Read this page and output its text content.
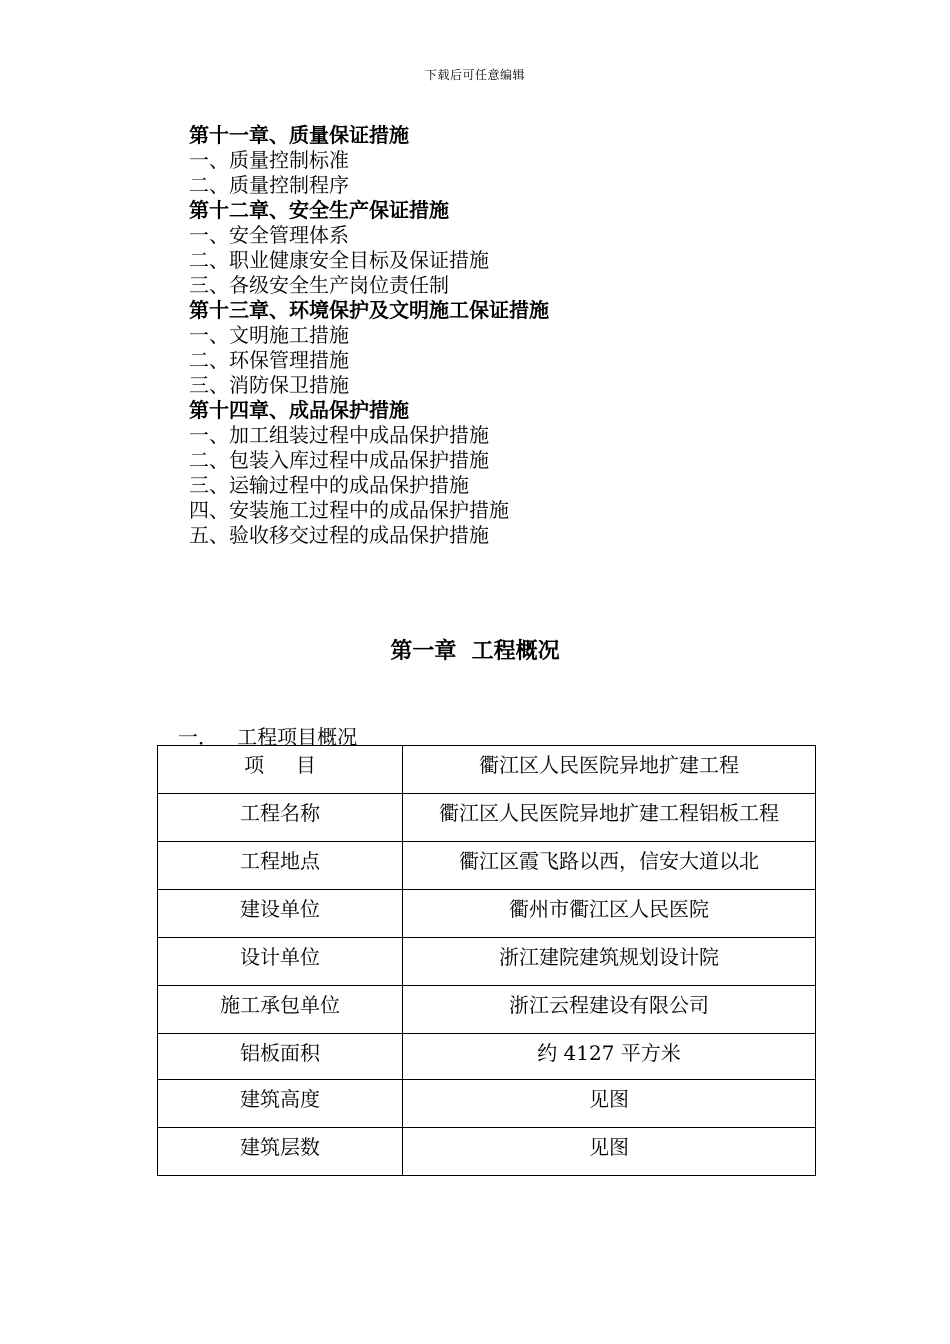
下载后可任意编辑
第十一章、质量保证措施
一、质量控制标准
二、质量控制程序
第十二章、安全生产保证措施
一、安全管理体系
二、职业健康安全目标及保证措施
三、各级安全生产岗位责任制
第十三章、环境保护及文明施工保证措施
一、文明施工措施
二、环保管理措施
三、消防保卫措施
第十四章、成品保护措施
一、加工组装过程中成品保护措施
二、包装入库过程中成品保护措施
三、运输过程中的成品保护措施
四、安装施工过程中的成品保护措施
五、验收移交过程的成品保护措施
第一章  工程概况
一．   工程项目概况
项     目	衢江区人民医院异地扩建工程
工程名称	衢江区人民医院异地扩建工程铝板工程
工程地点	衢江区霞飞路以西，信安大道以北
建设单位	衢州市衢江区人民医院
设计单位	浙江建院建筑规划设计院
施工承包单位	浙江云程建设有限公司
铝板面积	约 4127 平方米
建筑高度	见图
建筑层数	见图
